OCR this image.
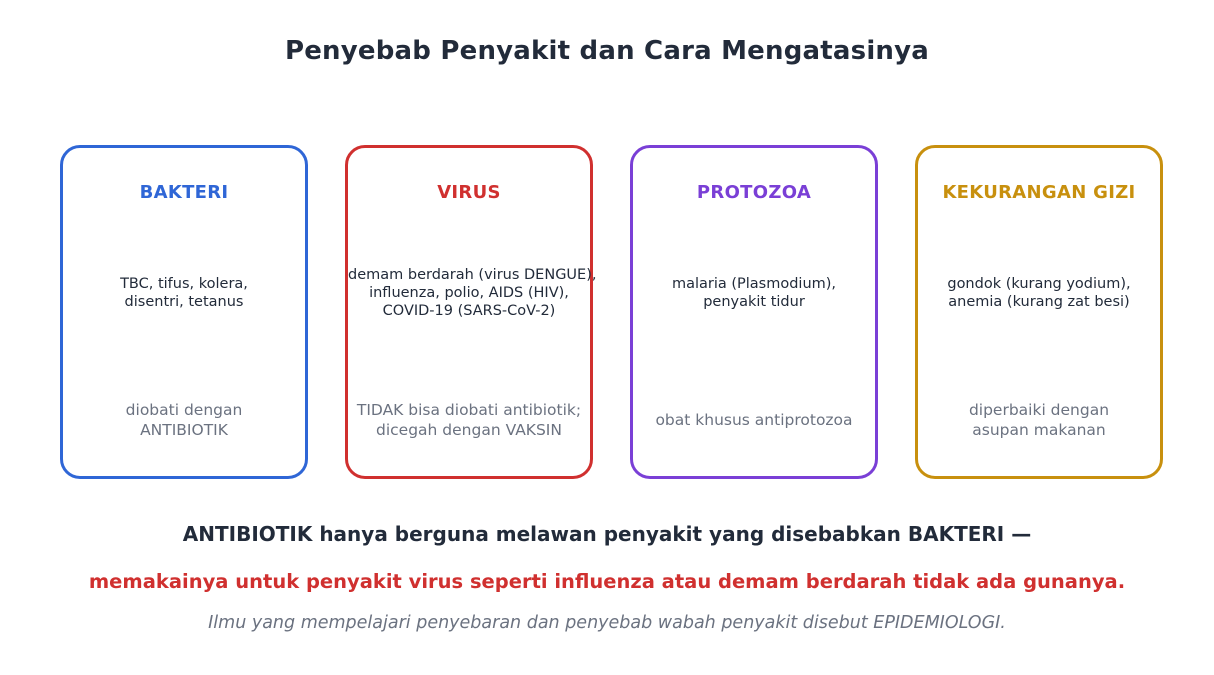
Penyebab Penyakit dan Cara Mengatasinya
BAKTERI
TBC, tifus, kolera,
disentri, tetanus
diobati dengan
ANTIBIOTIK
VIRUS
demam berdarah (virus DENGUE),
influenza, polio, AIDS (HIV),
COVID-19 (SARS-CoV-2)
TIDAK bisa diobati antibiotik;
dicegah dengan VAKSIN
PROTOZOA
malaria (Plasmodium),
penyakit tidur
obat khusus antiprotozoa
KEKURANGAN GIZI
gondok (kurang yodium),
anemia (kurang zat besi)
diperbaiki dengan
asupan makanan
ANTIBIOTIK hanya berguna melawan penyakit yang disebabkan BAKTERI —
memakainya untuk penyakit virus seperti influenza atau demam berdarah tidak ada gunanya.
Ilmu yang mempelajari penyebaran dan penyebab wabah penyakit disebut EPIDEMIOLOGI.
